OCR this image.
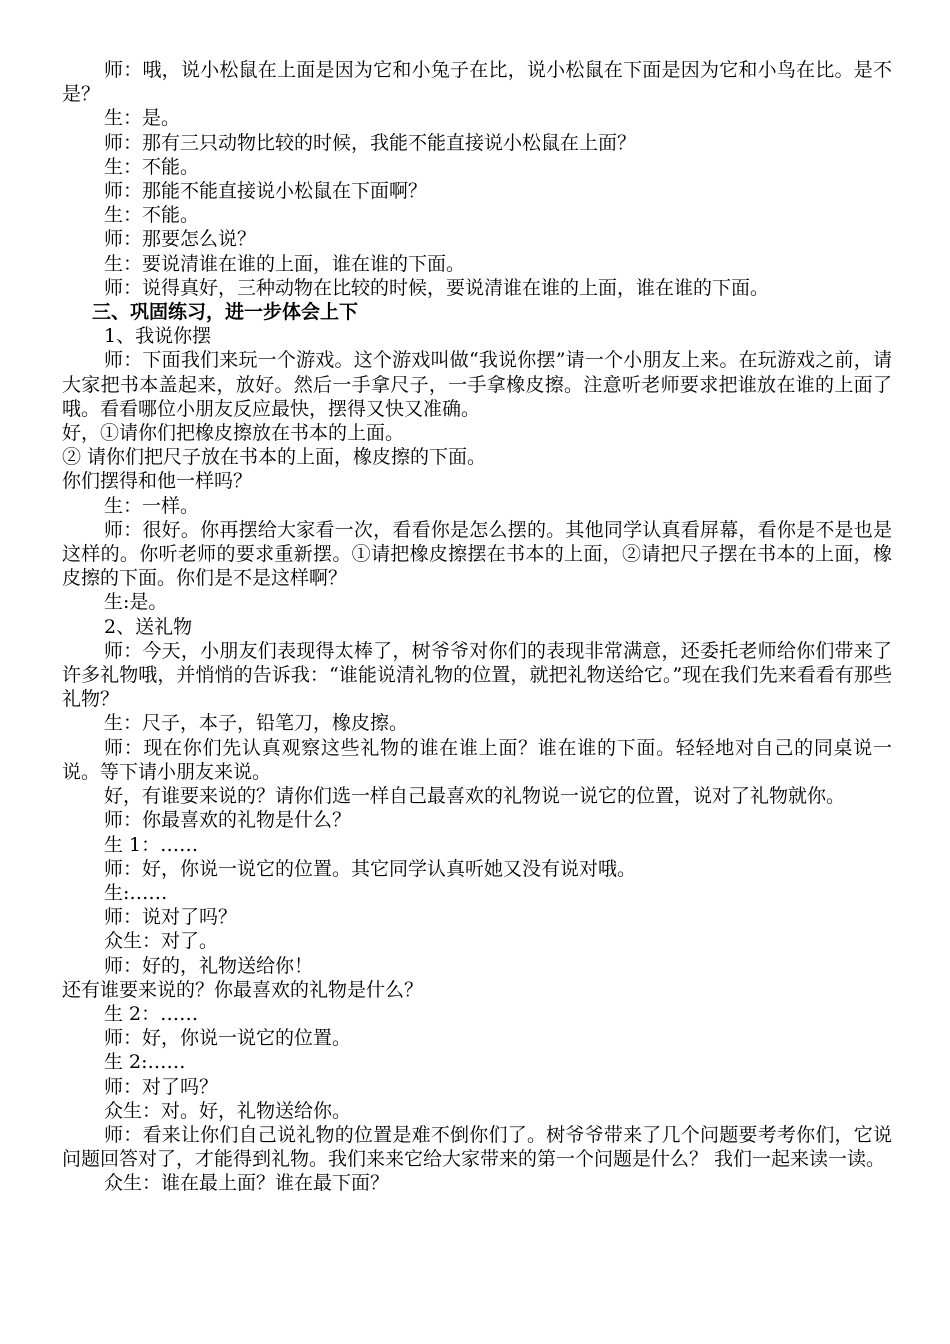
师：哦，说小松鼠在上面是因为它和小兔子在比，说小松鼠在下面是因为它和小鸟在比。是不是？

生：是。

师：那有三只动物比较的时候，我能不能直接说小松鼠在上面？

生：不能。

师：那能不能直接说小松鼠在下面啊？

生：不能。

师：那要怎么说？

生：要说清谁在谁的上面，谁在谁的下面。

师：说得真好，三种动物在比较的时候，要说清谁在谁的上面，谁在谁的下面。

三、巩固练习，进一步体会上下

1、我说你摆

师：下面我们来玩一个游戏。这个游戏叫做“我说你摆”请一个小朋友上来。在玩游戏之前，请大家把书本盖起来，放好。然后一手拿尺子，一手拿橡皮擦。注意听老师要求把谁放在谁的上面了哦。看看哪位小朋友反应最快，摆得又快又准确。

好，①请你们把橡皮擦放在书本的上面。

② 请你们把尺子放在书本的上面，橡皮擦的下面。

你们摆得和他一样吗？

生：一样。

师：很好。你再摆给大家看一次，看看你是怎么摆的。其他同学认真看屏幕，看你是不是也是这样的。你听老师的要求重新摆。①请把橡皮擦摆在书本的上面，②请把尺子摆在书本的上面，橡皮擦的下面。你们是不是这样啊？

生:是。

2、送礼物

师：今天，小朋友们表现得太棒了，树爷爷对你们的表现非常满意，还委托老师给你们带来了许多礼物哦，并悄悄的告诉我：“谁能说清礼物的位置，就把礼物送给它。”现在我们先来看看有那些礼物？

生：尺子，本子，铅笔刀，橡皮擦。

师：现在你们先认真观察这些礼物的谁在谁上面？谁在谁的下面。轻轻地对自己的同桌说一说。等下请小朋友来说。

好，有谁要来说的？请你们选一样自己最喜欢的礼物说一说它的位置，说对了礼物就你。

师：你最喜欢的礼物是什么？

生 1：……

师：好，你说一说它的位置。其它同学认真听她又没有说对哦。

生:……

师：说对了吗？

众生：对了。

师：好的，礼物送给你！

还有谁要来说的？你最喜欢的礼物是什么？

生 2：……

师：好，你说一说它的位置。

生 2:……

师：对了吗？

众生：对。好，礼物送给你。

师：看来让你们自己说礼物的位置是难不倒你们了。树爷爷带来了几个问题要考考你们，它说问题回答对了，才能得到礼物。我们来来它给大家带来的第一个问题是什么？ 我们一起来读一读。

众生：谁在最上面？谁在最下面？
